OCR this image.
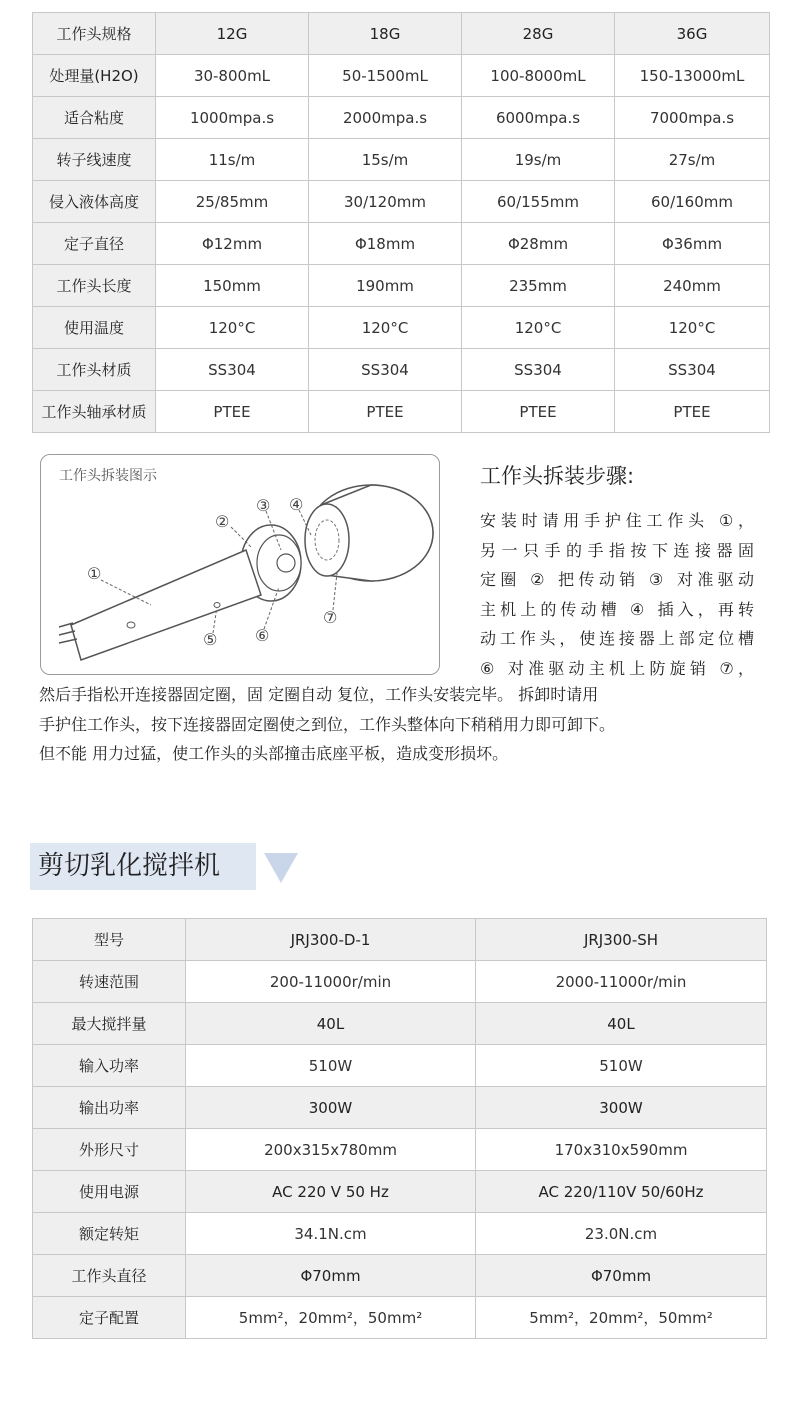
工作头规格	12G	18G	28G	36G
处理量(H2O)	30-800mL	50-1500mL	100-8000mL	150-13000mL
适合粘度	1000mpa.s	2000mpa.s	6000mpa.s	7000mpa.s
转子线速度	11s/m	15s/m	19s/m	27s/m
侵入液体高度	25/85mm	30/120mm	60/155mm	60/160mm
定子直径	Φ12mm	Φ18mm	Φ28mm	Φ36mm
工作头长度	150mm	190mm	235mm	240mm
使用温度	120°C	120°C	120°C	120°C
工作头材质	SS304	SS304	SS304	SS304
工作头轴承材质	PTEE	PTEE	PTEE	PTEE
工作头拆装图示
①
②
③ ④
⑤ ⑥
⑦
工作头拆装步骤:
安装时请用手护住工作头 ①，
另一只手的手指按下连接器固
定圈 ② 把传动销 ③ 对准驱动
主机上的传动槽 ④ 插入，再转
动工作头，使连接器上部定位槽
⑥ 对准驱动主机上防旋销 ⑦，
然后手指松开连接器固定圈，固 定圈自动 复位，工作头安装完毕。 拆卸时请用
手护住工作头，按下连接器固定圈使之到位，工作头整体向下稍稍用力即可卸下。
但不能 用力过猛，使工作头的头部撞击底座平板，造成变形损坏。
剪切乳化搅拌机
型号	JRJ300-D-1	JRJ300-SH
转速范围	200-11000r/min	2000-11000r/min
最大搅拌量	40L	40L
输入功率	510W	510W
输出功率	300W	300W
外形尺寸	200x315x780mm	170x310x590mm
使用电源	AC 220 V 50 Hz	AC 220/110V 50/60Hz
额定转矩	34.1N.cm	23.0N.cm
工作头直径	Φ70mm	Φ70mm
定子配置	5mm²，20mm²，50mm²	5mm²，20mm²，50mm²
